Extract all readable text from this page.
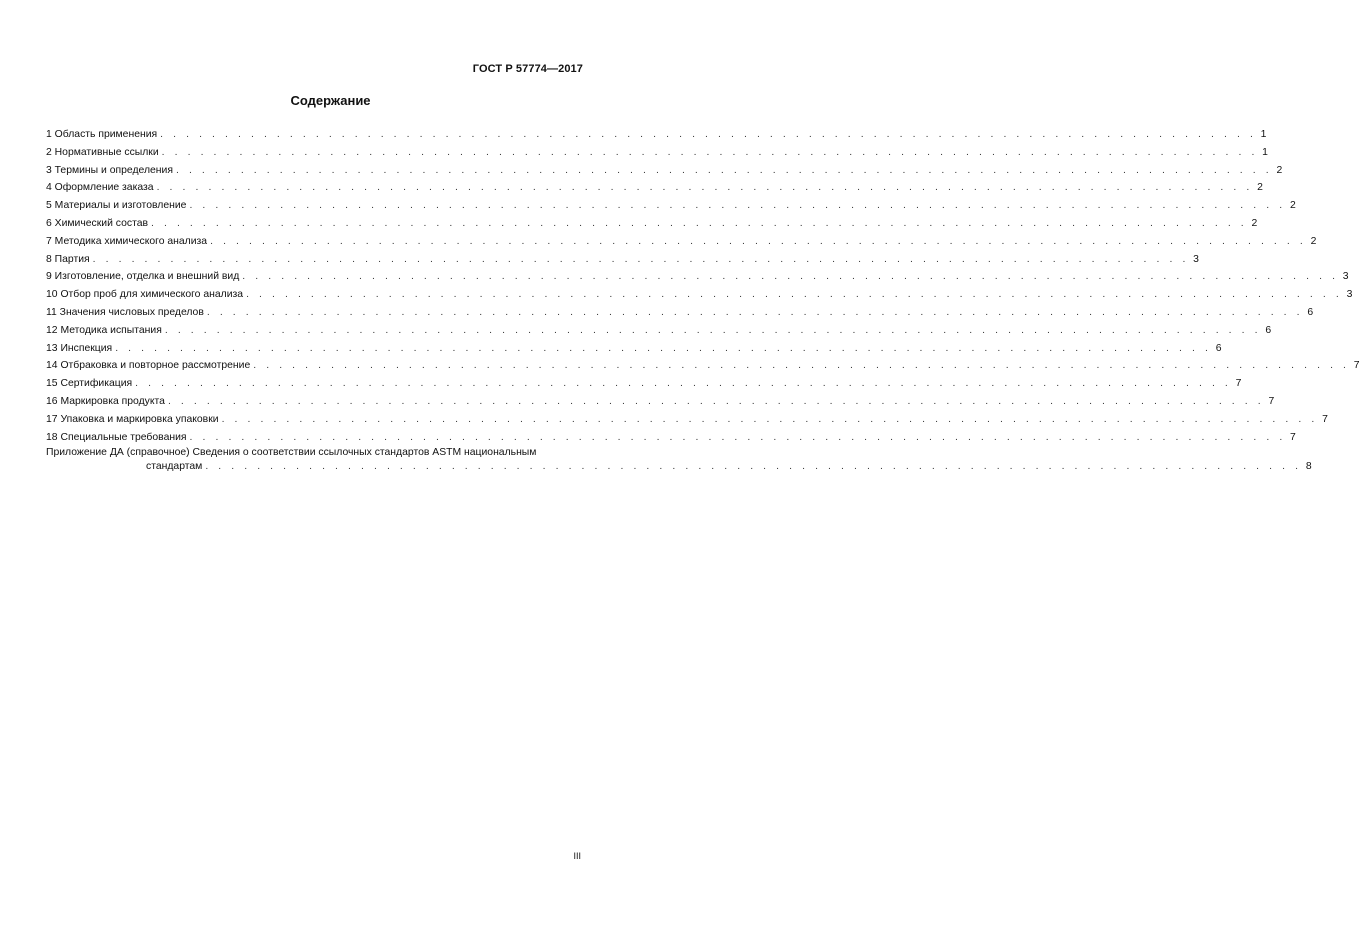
ГОСТ Р 57774—2017
Содержание
1 Область применения . . . . . . . . . . . . . . . . . . . . . . . . . . . . . . . . . . . . . . . . . . . . . . . . . . . . . . . . . . . . . . . . . . . . . . . . . . . . . . . . . . . . . 1
2 Нормативные ссылки . . . . . . . . . . . . . . . . . . . . . . . . . . . . . . . . . . . . . . . . . . . . . . . . . . . . . . . . . . . . . . . . . . . . . . . . . . . . . . . . . . . . . 1
3 Термины и определения . . . . . . . . . . . . . . . . . . . . . . . . . . . . . . . . . . . . . . . . . . . . . . . . . . . . . . . . . . . . . . . . . . . . . . . . . . . . . . . . . . . . . 2
4 Оформление заказа . . . . . . . . . . . . . . . . . . . . . . . . . . . . . . . . . . . . . . . . . . . . . . . . . . . . . . . . . . . . . . . . . . . . . . . . . . . . . . . . . . . . . 2
5 Материалы и изготовление . . . . . . . . . . . . . . . . . . . . . . . . . . . . . . . . . . . . . . . . . . . . . . . . . . . . . . . . . . . . . . . . . . . . . . . . . . . . . . . . . . . . . 2
6 Химический состав . . . . . . . . . . . . . . . . . . . . . . . . . . . . . . . . . . . . . . . . . . . . . . . . . . . . . . . . . . . . . . . . . . . . . . . . . . . . . . . . . . . . . 2
7 Методика химического анализа . . . . . . . . . . . . . . . . . . . . . . . . . . . . . . . . . . . . . . . . . . . . . . . . . . . . . . . . . . . . . . . . . . . . . . . . . . . . . . . . . . . . . 2
8 Партия . . . . . . . . . . . . . . . . . . . . . . . . . . . . . . . . . . . . . . . . . . . . . . . . . . . . . . . . . . . . . . . . . . . . . . . . . . . . . . . . . . . . . 3
9 Изготовление, отделка и внешний вид . . . . . . . . . . . . . . . . . . . . . . . . . . . . . . . . . . . . . . . . . . . . . . . . . . . . . . . . . . . . . . . . . . . . . . . . . . . . . . . . . . . . . 3
10 Отбор проб для химического анализа . . . . . . . . . . . . . . . . . . . . . . . . . . . . . . . . . . . . . . . . . . . . . . . . . . . . . . . . . . . . . . . . . . . . . . . . . . . . . . . . . . . . . 3
11 Значения числовых пределов . . . . . . . . . . . . . . . . . . . . . . . . . . . . . . . . . . . . . . . . . . . . . . . . . . . . . . . . . . . . . . . . . . . . . . . . . . . . . . . . . . . . . 6
12 Методика испытания . . . . . . . . . . . . . . . . . . . . . . . . . . . . . . . . . . . . . . . . . . . . . . . . . . . . . . . . . . . . . . . . . . . . . . . . . . . . . . . . . . . . . 6
13 Инспекция . . . . . . . . . . . . . . . . . . . . . . . . . . . . . . . . . . . . . . . . . . . . . . . . . . . . . . . . . . . . . . . . . . . . . . . . . . . . . . . . . . . . . 6
14 Отбраковка и повторное рассмотрение . . . . . . . . . . . . . . . . . . . . . . . . . . . . . . . . . . . . . . . . . . . . . . . . . . . . . . . . . . . . . . . . . . . . . . . . . . . . . . . . . . . . . 7
15 Сертификация . . . . . . . . . . . . . . . . . . . . . . . . . . . . . . . . . . . . . . . . . . . . . . . . . . . . . . . . . . . . . . . . . . . . . . . . . . . . . . . . . . . . . 7
16 Маркировка продукта . . . . . . . . . . . . . . . . . . . . . . . . . . . . . . . . . . . . . . . . . . . . . . . . . . . . . . . . . . . . . . . . . . . . . . . . . . . . . . . . . . . . . 7
17 Упаковка и маркировка упаковки . . . . . . . . . . . . . . . . . . . . . . . . . . . . . . . . . . . . . . . . . . . . . . . . . . . . . . . . . . . . . . . . . . . . . . . . . . . . . . . . . . . . . 7
18 Специальные требования . . . . . . . . . . . . . . . . . . . . . . . . . . . . . . . . . . . . . . . . . . . . . . . . . . . . . . . . . . . . . . . . . . . . . . . . . . . . . . . . . . . . . 7
Приложение ДА (справочное) Сведения о соответствии ссылочных стандартов ASTM национальным
стандартам . . . . . . . . . . . . . . . . . . . . . . . . . . . . . . . . . . . . . . . . . . . . . . . . . . . . . . . . . . . . . . . . . . . . . . . . . . . . . . . . . . . . . 8
III
